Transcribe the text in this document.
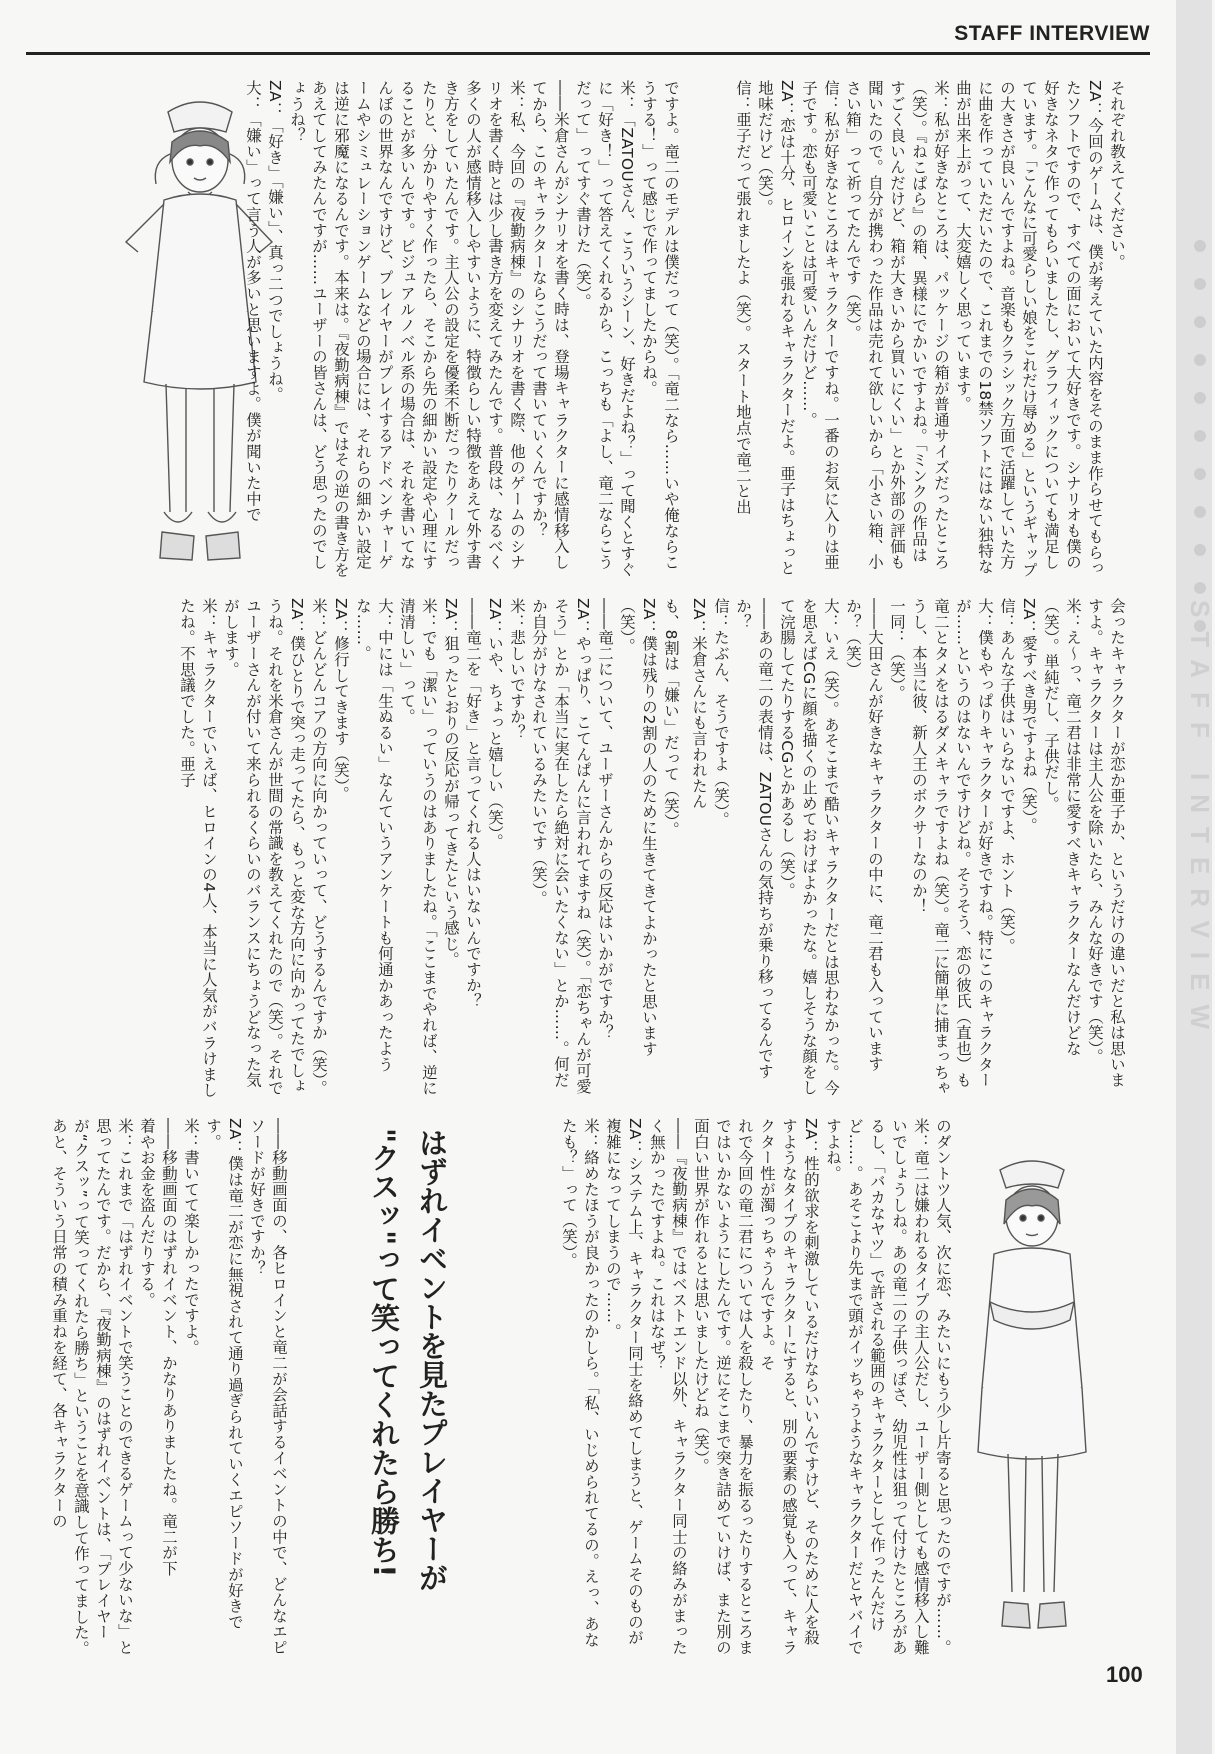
STAFF INTERVIEW
STAFF INTERVIEW
それぞれ教えてください。
ZA：今回のゲームは、僕が考えていた内容をそのまま作らせてもらったソフトですので、すべての面において大好きです。シナリオも僕の好きなネタで作ってもらいましたし、グラフィックについても満足しています。「こんなに可愛らしい娘をこれだけ辱める」というギャップの大きさが良いんですよね。音楽もクラシック方面で活躍していた方に曲を作っていただいたので、これまでの18禁ソフトにはない独特な曲が出来上がって、大変嬉しく思っています。
米：私が好きなところは、パッケージの箱が普通サイズだったところ（笑）。『ねこぱら』の箱、異様にでかいですよね。「ミンクの作品はすごく良いんだけど、箱が大きいから買いにくい」とか外部の評価も聞いたので。自分が携わった作品は売れて欲しいから「小さい箱、小さい箱」って祈ってたんです（笑）。
信：私が好きなところはキャラクターですね。一番のお気に入りは亜子です。恋も可愛いことは可愛いんだけど……。
ZA：恋は十分、ヒロインを張れるキャラクターだよ。亜子はちょっと地味だけど（笑）。
信：亜子だって張れましたよ（笑）。スタート地点で竜二と出
会ったキャラクターが恋か亜子か、というだけの違いだと私は思いますよ。キャラクターは主人公を除いたら、みんな好きです（笑）。
米：え〜っ、竜二君は非常に愛すべきキャラクターなんだけどな（笑）。単純だし、子供だし。
ZA：愛すべき男ですよね（笑）。
信：あんな子供はいらないですよ、ホント（笑）。
大：僕もやっぱりキャラクターが好きですね。特にこのキャラクターが……というのはないんですけどね。そうそう、恋の彼氏（直也）も竜二とタメをはるダメキャラですよね（笑）。竜二に簡単に捕まっちゃうし、本当に彼、新人王のボクサーなのか！
一同：（笑）。
――大田さんが好きなキャラクターの中に、竜二君も入っていますか？（笑）
大：いえ（笑）。あそこまで酷いキャラクターだとは思わなかった。今を思えばCGに顔を描くの止めておけばよかったな。嬉しそうな顔をして浣腸してたりするCGとかあるし（笑）。
――あの竜二の表情は、ZATOUさんの気持ちが乗り移ってるんですか？
信：たぶん、そうですよ（笑）。
ZA：米倉さんにも言われたん
ですよ。竜二のモデルは僕だって（笑）。「竜二なら……いや俺ならこうする！」って感じで作ってましたからね。
米：「ZATOUさん、こういうシーン、好きだよね？」って聞くとすぐに「好き！」って答えてくれるから、こっちも「よし、竜二ならこうだって」ってすぐ書けた（笑）。
――米倉さんがシナリオを書く時は、登場キャラクターに感情移入してから、このキャラクターならこうだって書いていくんですか？
米：私、今回の『夜勤病棟』のシナリオを書く際、他のゲームのシナリオを書く時とは少し書き方を変えてみたんです。普段は、なるべく多くの人が感情移入しやすいように、特徴らしい特徴をあえて外す書き方をしていたんです。主人公の設定を優柔不断だったりクールだったりと、分かりやすく作ったら、そこから先の細かい設定や心理にすることが多いんです。ビジュアルノベル系の場合は、それを書いてなんぼの世界なんですけど、プレイヤーがプレイするアドベンチャーゲームやシミュレーションゲームなどの場合には、それらの細かい設定は逆に邪魔になるんです。本来は。『夜勤病棟』ではその逆の書き方をあえてしてみたんですが……ユーザーの皆さんは、どう思ったのでしょうね？
ZA：「好き」「嫌い」、真っ二つでしょうね。
大：「嫌い」って言う人が多いと思いますよ。僕が聞いた中で
も、8割は「嫌い」だって（笑）。
ZA：僕は残りの2割の人のために生きてきてよかったと思います（笑）。
――竜二について、ユーザーさんからの反応はいかがですか？
ZA：やっぱり、こてんぱんに言われてますね（笑）。「恋ちゃんが可愛そう」とか「本当に実在したら絶対に会いたくない」とか……。何だか自分がけなされているみたいです（笑）。
米：悲しいですか？
ZA：いや、ちょっと嬉しい（笑）。
――竜二を「好き」と言ってくれる人はいないんですか？
ZA：狙ったとおりの反応が帰ってきたという感じ。
米：でも「潔い」っていうのはありましたね。「ここまでやれば、逆に清清しい」って。
大：中には「生ぬるい」なんていうアンケートも何通かあったような……。
ZA：修行してきます（笑）。
米：どんどんコアの方向に向かっていって、どうするんですか（笑）。
ZA：僕ひとりで突っ走ってたら、もっと変な方向に向かってたでしょうね。それを米倉さんが世間の常識を教えてくれたので（笑）。それでユーザーさんが付いて来られるくらいのバランスにちょうどなった気がします。
米：キャラクターでいえば、ヒロインの4人、本当に人気がバラけましたね。不思議でした。亜子
のダントツ人気、次に恋、みたいにもう少し片寄ると思ったのですが……。
米：竜二は嫌われるタイプの主人公だし、ユーザー側としても感情移入し難いでしょうしね。あの竜二の子供っぽさ、幼児性は狙って付けたところがあるし、「バカなヤツ」で許される範囲のキャラクターとして作ったんだけど……。あそこより先まで頭がイッちゃうようなキャラクターだとヤバイですよね。
ZA：性的欲求を刺激しているだけならいいんですけど、そのために人を殺すようなタイプのキャラクターにすると、別の要素の感覚も入って、キャラクター性が濁っちゃうんですよ。そ
れで今回の竜二君については人を殺したり、暴力を振るったりするところまではいかないようにしたんです。逆にそこまで突き詰めていけば、また別の面白い世界が作れるとは思いましたけどね（笑）。
――『夜勤病棟』ではベストエンド以外、キャラクター同士の絡みがまったく無かったですよね。これはなぜ？
ZA：システム上、キャラクター同士を絡めてしまうと、ゲームそのものが複雑になってしまうので……。
米：絡めたほうが良かったのかしら。「私、いじめられてるの。えっ、あなたも？」って（笑）。
――移動画面の、各ヒロインと竜二が会話するイベントの中で、どんなエピソードが好きですか？
ZA：僕は竜二が恋に無視されて通り過ぎられていくエピソードが好きです。
米：書いてて楽しかったですよ。
――移動画面のはずれイベント、かなりありましたね。竜二が下
着やお金を盗んだりする。
米：これまで「はずれイベントで笑うことのできるゲームって少ないな」と思ってたんです。だから、『夜勤病棟』のはずれイベントは、「プレイヤーが“クスッ”って笑ってくれたら勝ち」ということを意識して作ってました。あと、そういう日常の積み重ねを経て、各キャラクターの	はずれイベントを見たプレイヤーが
"クスッ"って笑ってくれたら勝ち!
100
